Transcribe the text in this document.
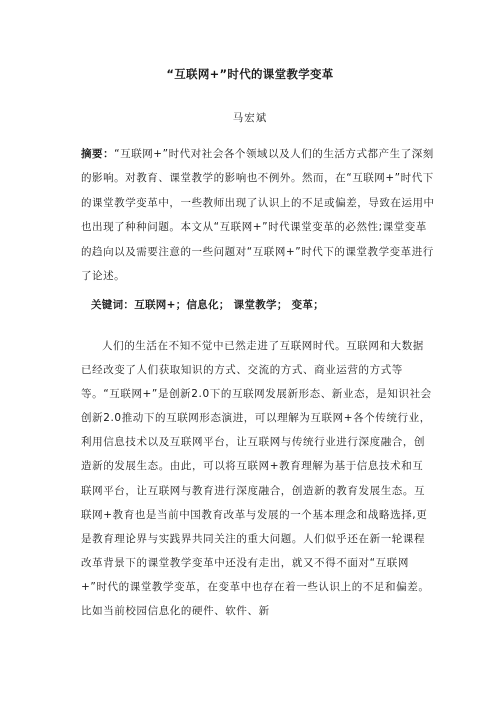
“互联网+”时代的课堂教学变革
马宏斌

摘要：“互联网+”时代对社会各个领域以及人们的生活方式都产生了深刻的影响。对教育、课堂教学的影响也不例外。然而，在“互联网+”时代下的课堂教学变革中，一些教师出现了认识上的不足或偏差，导致在运用中也出现了种种问题。本文从“互联网+”时代课堂变革的必然性;课堂变革的趋向以及需要注意的一些问题对“互联网+”时代下的课堂教学变革进行了论述。

关键词：互联网+；信息化； 课堂教学； 变革；

人们的生活在不知不觉中已然走进了互联网时代。互联网和大数据已经改变了人们获取知识的方式、交流的方式、商业运营的方式等等。“互联网+”是创新2.0下的互联网发展新形态、新业态，是知识社会创新2.0推动下的互联网形态演进，可以理解为互联网+各个传统行业，利用信息技术以及互联网平台，让互联网与传统行业进行深度融合，创造新的发展生态。由此，可以将互联网+教育理解为基于信息技术和互联网平台，让互联网与教育进行深度融合，创造新的教育发展生态。互联网+教育也是当前中国教育改革与发展的一个基本理念和战略选择,更是教育理论界与实践界共同关注的重大问题。人们似乎还在新一轮课程改革背景下的课堂教学变革中还没有走出，就又不得不面对“互联网+”时代的课堂教学变革，在变革中也存在着一些认识上的不足和偏差。比如当前校园信息化的硬件、软件、新
